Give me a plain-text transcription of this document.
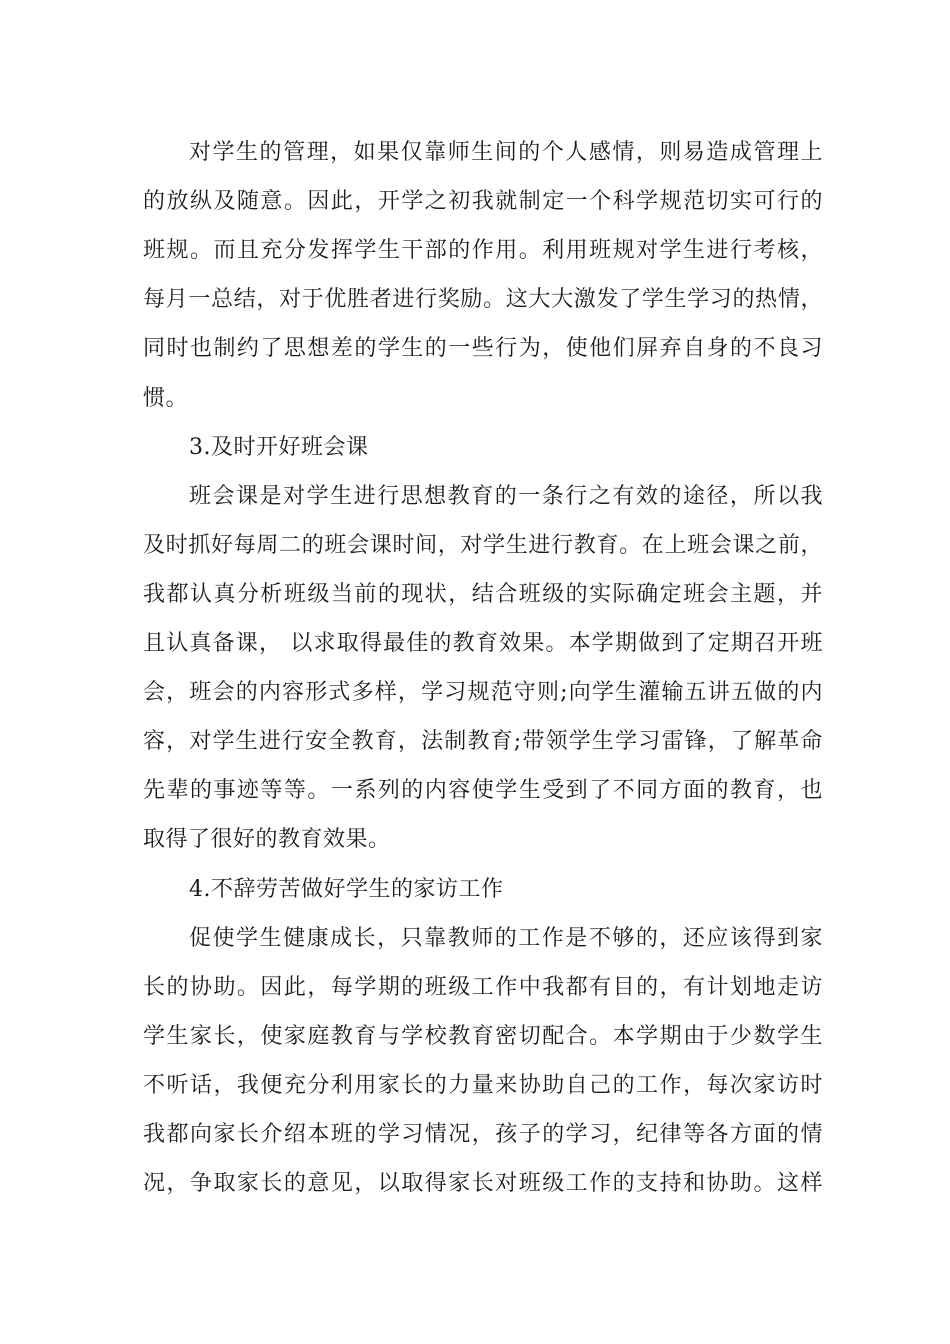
对学生的管理，如果仅靠师生间的个人感情，则易造成管理上
的放纵及随意。因此，开学之初我就制定一个科学规范切实可行的
班规。而且充分发挥学生干部的作用。利用班规对学生进行考核，
每月一总结，对于优胜者进行奖励。这大大激发了学生学习的热情，
同时也制约了思想差的学生的一些行为，使他们屏弃自身的不良习
惯。
3.及时开好班会课
班会课是对学生进行思想教育的一条行之有效的途径，所以我
及时抓好每周二的班会课时间，对学生进行教育。在上班会课之前，
我都认真分析班级当前的现状，结合班级的实际确定班会主题，并
且认真备课， 以求取得最佳的教育效果。本学期做到了定期召开班
会，班会的内容形式多样，学习规范守则;向学生灌输五讲五做的内
容，对学生进行安全教育，法制教育;带领学生学习雷锋，了解革命
先辈的事迹等等。一系列的内容使学生受到了不同方面的教育，也
取得了很好的教育效果。
4.不辞劳苦做好学生的家访工作
促使学生健康成长，只靠教师的工作是不够的，还应该得到家
长的协助。因此，每学期的班级工作中我都有目的，有计划地走访
学生家长，使家庭教育与学校教育密切配合。本学期由于少数学生
不听话，我便充分利用家长的力量来协助自己的工作，每次家访时
我都向家长介绍本班的学习情况，孩子的学习，纪律等各方面的情
况，争取家长的意见，以取得家长对班级工作的支持和协助。这样
